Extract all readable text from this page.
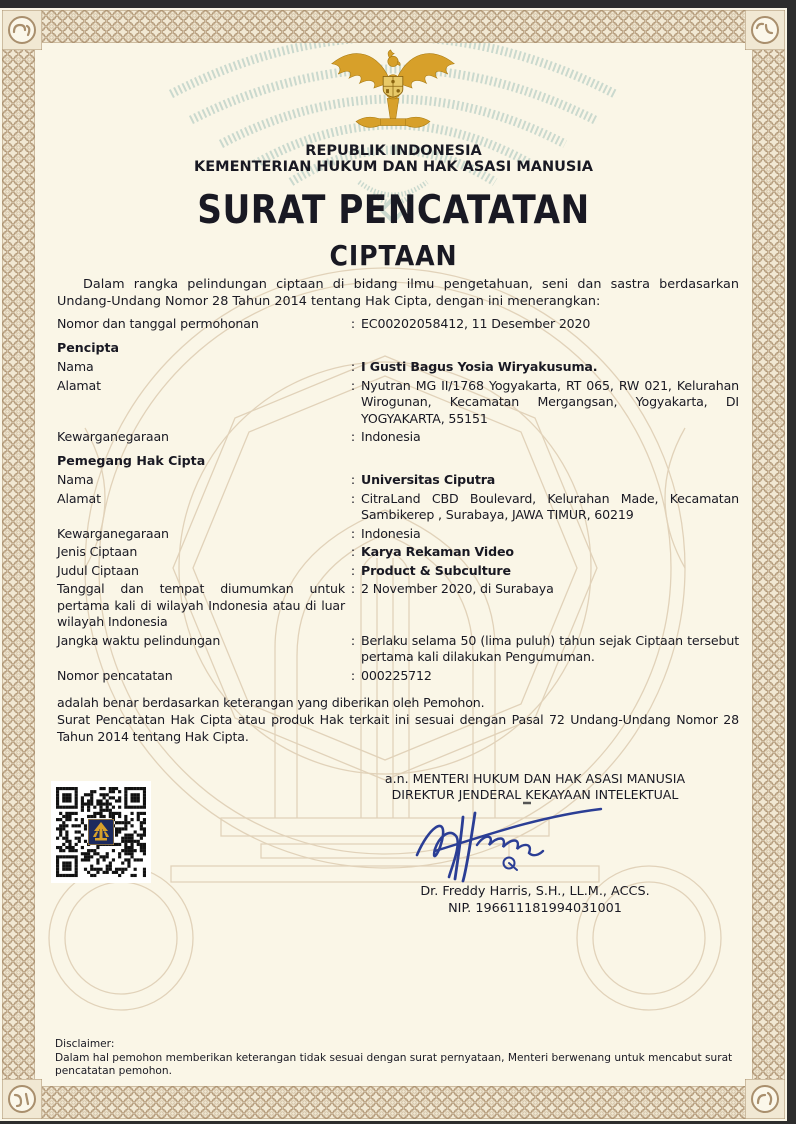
REPUBLIK INDONESIA
KEMENTERIAN HUKUM DAN HAK ASASI MANUSIA
SURAT PENCATATAN
CIPTAAN
Dalam rangka pelindungan ciptaan di bidang ilmu pengetahuan, seni dan sastra berdasarkan Undang-Undang Nomor 28 Tahun 2014 tentang Hak Cipta, dengan ini menerangkan:
Nomor dan tanggal permohonan	: EC00202058412, 11 Desember 2020
Pencipta
Nama	: I Gusti Bagus Yosia Wiryakusuma.
Alamat	: Nyutran MG II/1768 Yogyakarta, RT 065, RW 021, Kelurahan Wirogunan, Kecamatan Mergangsan, Yogyakarta, DI YOGYAKARTA, 55151
Kewarganegaraan	: Indonesia
Pemegang Hak Cipta
Nama	: Universitas Ciputra
Alamat	: CitraLand CBD Boulevard, Kelurahan Made, Kecamatan Sambikerep , Surabaya, JAWA TIMUR, 60219
Kewarganegaraan	: Indonesia
Jenis Ciptaan	: Karya Rekaman Video
Judul Ciptaan	: Product & Subculture
Tanggal dan tempat diumumkan untuk pertama kali di wilayah Indonesia atau di luar wilayah Indonesia
: 2 November 2020, di Surabaya
Jangka waktu pelindungan	: Berlaku selama 50 (lima puluh) tahun sejak Ciptaan tersebut pertama kali dilakukan Pengumuman.
Nomor pencatatan	: 000225712
adalah benar berdasarkan keterangan yang diberikan oleh Pemohon.
Surat Pencatatan Hak Cipta atau produk Hak terkait ini sesuai dengan Pasal 72 Undang-Undang Nomor 28 Tahun 2014 tentang Hak Cipta.
a.n. MENTERI HUKUM DAN HAK ASASI MANUSIA
DIREKTUR JENDERAL KEKAYAAN INTELEKTUAL
Dr. Freddy Harris, S.H., LL.M., ACCS.
NIP. 196611181994031001
Disclaimer:
Dalam hal pemohon memberikan keterangan tidak sesuai dengan surat pernyataan, Menteri berwenang untuk mencabut surat pencatatan pemohon.
